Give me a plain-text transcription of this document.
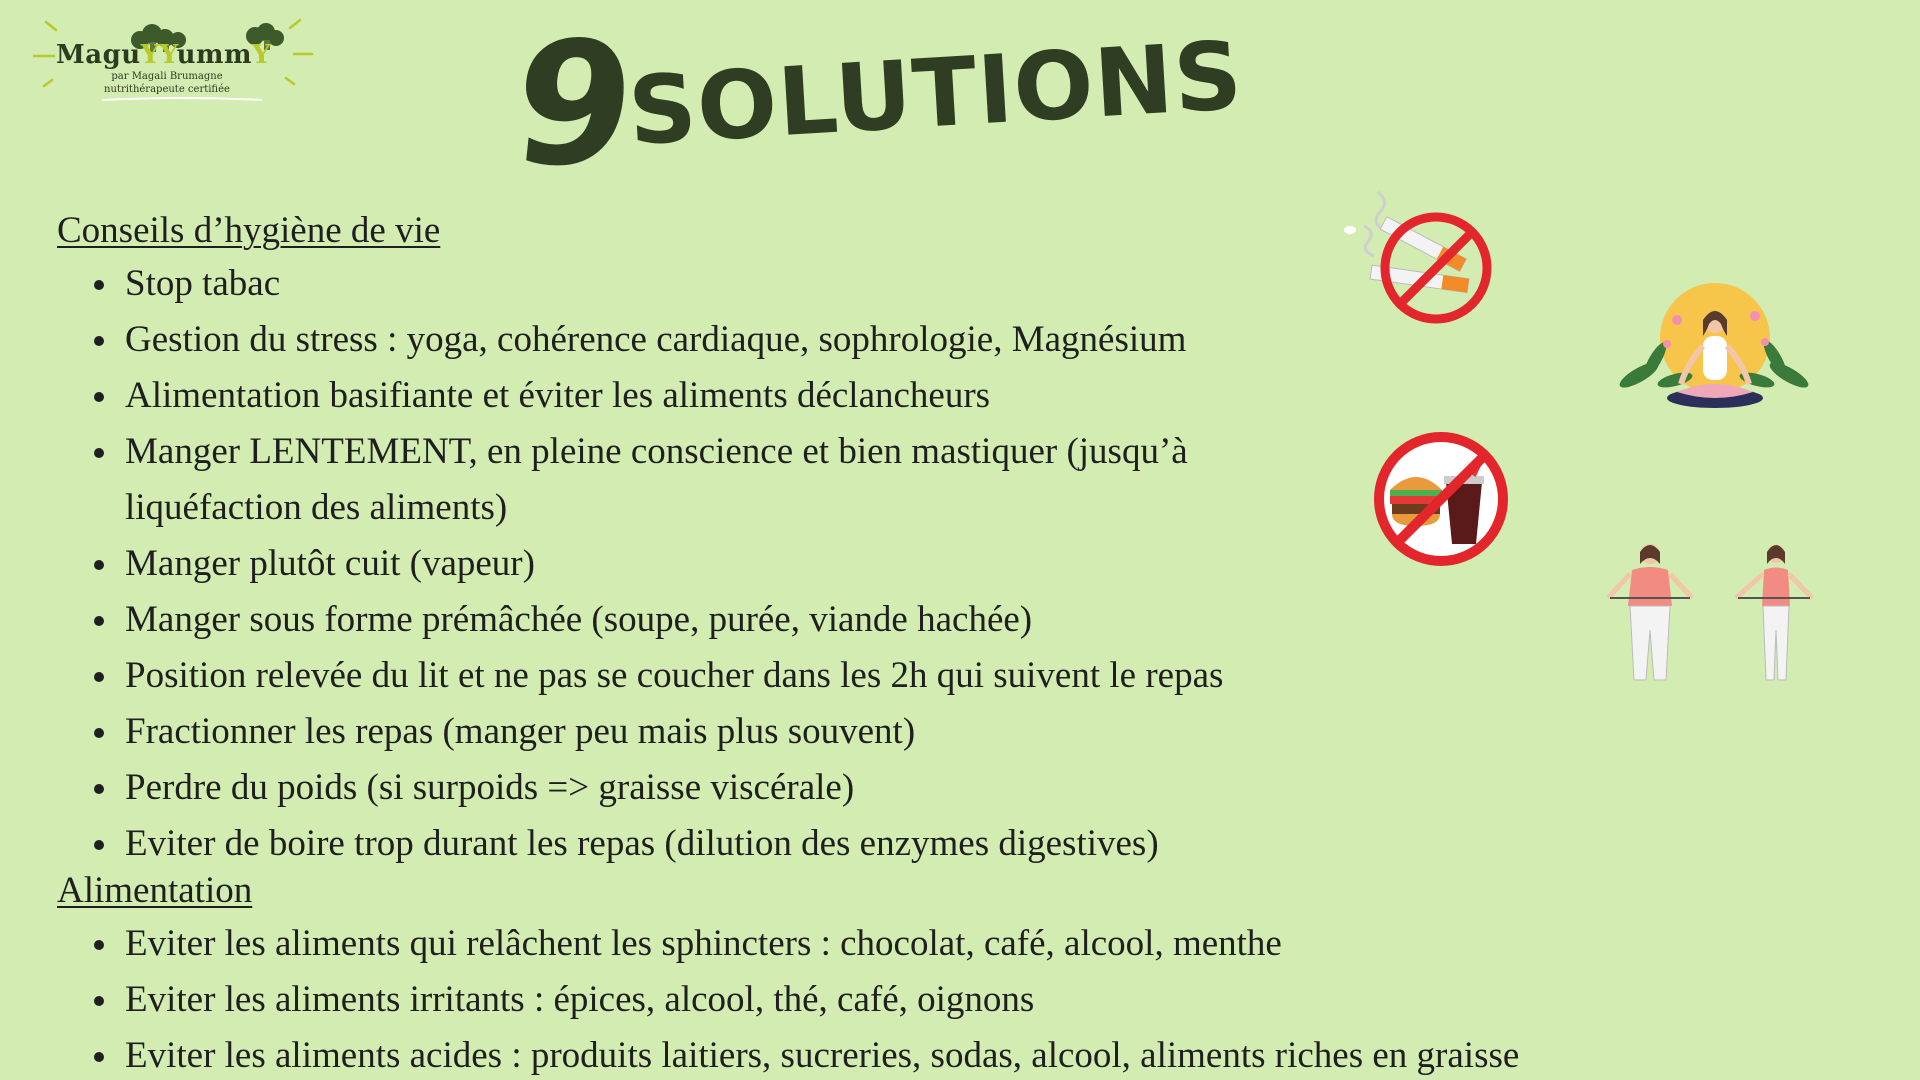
MaguYYummY
par Magali Brumagne
nutrithérapeute certifiée 9
SOLUTIONS
Conseils d’hygiène de vie
Stop tabac
Gestion du stress : yoga, cohérence cardiaque, sophrologie, Magnésium
Alimentation basifiante et éviter les aliments déclancheurs
Manger LENTEMENT, en pleine conscience et bien mastiquer (jusqu’à
liquéfaction des aliments)
Manger plutôt cuit (vapeur)
Manger sous forme prémâchée (soupe, purée, viande hachée)
Position relevée du lit et ne pas se coucher dans les 2h qui suivent le repas
Fractionner les repas (manger peu mais plus souvent)
Perdre du poids (si surpoids => graisse viscérale)
Eviter de boire trop durant les repas (dilution des enzymes digestives)
Alimentation
Eviter les aliments qui relâchent les sphincters : chocolat, café, alcool, menthe
Eviter les aliments irritants : épices, alcool, thé, café, oignons
Eviter les aliments acides : produits laitiers, sucreries, sodas, alcool, aliments riches en graisse
